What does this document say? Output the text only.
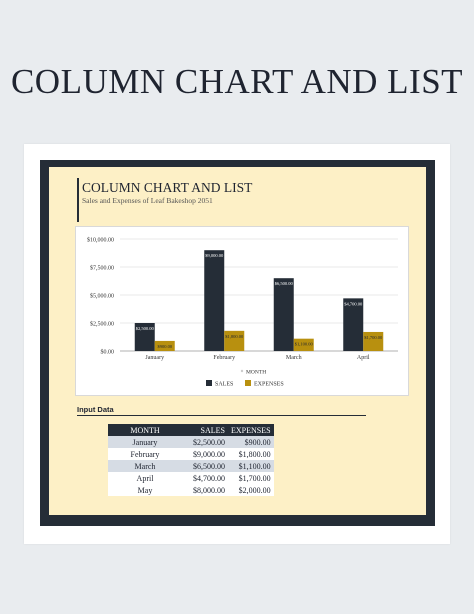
COLUMN CHART AND LIST
COLUMN CHART AND LIST
Sales and Expenses of Leaf Bakeshop 2051
$0.00
$2,500.00
$5,000.00
$7,500.00
$10,000.00
$2,500.00
$900.00
January
$9,000.00
$1,800.00
February
$6,500.00
$1,100.00
March
$4,700.00
$1,700.00
April
MONTH
SALES	EXPENSES
Input Data
MONTH	SALES	EXPENSES
January	$2,500.00	$900.00
February	$9,000.00	$1,800.00
March	$6,500.00	$1,100.00
April	$4,700.00	$1,700.00
May	$8,000.00	$2,000.00
